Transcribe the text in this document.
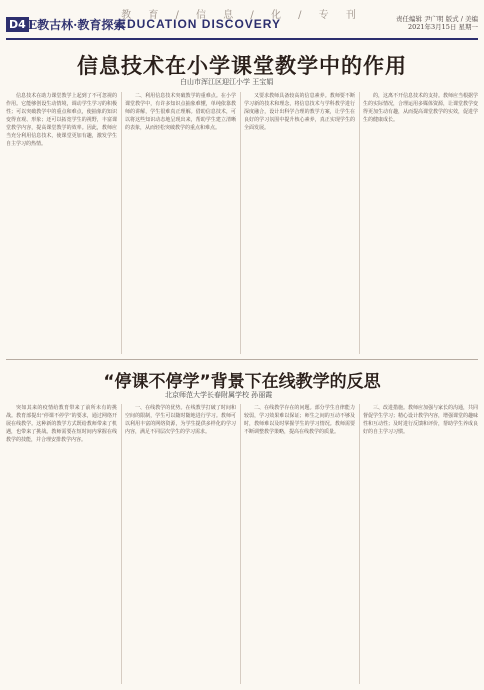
教 育 / 信 息 / 化 / 专 刊
D4 E教古林·教育探索
EDUCATION DISCOVERY	责任编辑 尹广明 版式 / 美编
2021年3月15日 星期一
信息技术在小学课堂教学中的作用
白山市浑江区迎江小学 王宝娟
信息技术在助力课堂教学上起到了不可忽视的作用。它能够创设生动情境，调动学生学习的积极性；可以突破教学中的重点和难点，使抽象的知识变得直观、形象；还可以拓宽学生的视野，丰富课堂教学内容，提高课堂教学的效率。因此，教师应当充分利用信息技术，使课堂更加有趣，激发学生自主学习的热情。
二、利用信息技术突破教学的重难点。在小学课堂教学中，有许多知识点抽象难懂，单纯依靠教师的讲解，学生很难真正理解。借助信息技术，可以将这些知识动态地呈现出来，帮助学生建立清晰的表象，从而轻松突破教学的重点和难点。
又要求教师具备较高的信息素养。教师要不断学习新的技术和理念，将信息技术与学科教学进行深度融合，设计出科学合理的教学方案，让学生在良好的学习氛围中提升核心素养，真正实现学生的全面发展。
的，这离不开信息技术的支持。教师应当根据学生的实际情况，合理运用多媒体资源，让课堂教学变得更加生动有趣，从而提高课堂教学的实效，促进学生的健康成长。
“停课不停学”背景下在线教学的反思
北京师范大学长春附属学校 孙丽霞
突如其来的疫情给教育带来了前所未有的挑战。教育部提出“停课不停学”的要求，通过网络开展在线教学。这种新的教学方式既给教师带来了机遇，也带来了挑战。教师需要在短时间内掌握在线教学的技能，并合理安排教学内容。
一、在线教学的优势。在线教学打破了时间和空间的限制，学生可以随时随地进行学习。教师可以利用丰富的网络资源，为学生提供多样化的学习内容，满足不同层次学生的学习需求。
二、在线教学存在的问题。部分学生自律能力较弱，学习效果难以保证；师生之间的互动不够及时，教师难以及时掌握学生的学习情况。教师需要不断调整教学策略，提高在线教学的质量。
三、改进措施。教师应加强与家长的沟通，共同督促学生学习；精心设计教学内容，增强课堂的趣味性和互动性；及时进行反馈和评价，帮助学生养成良好的自主学习习惯。
